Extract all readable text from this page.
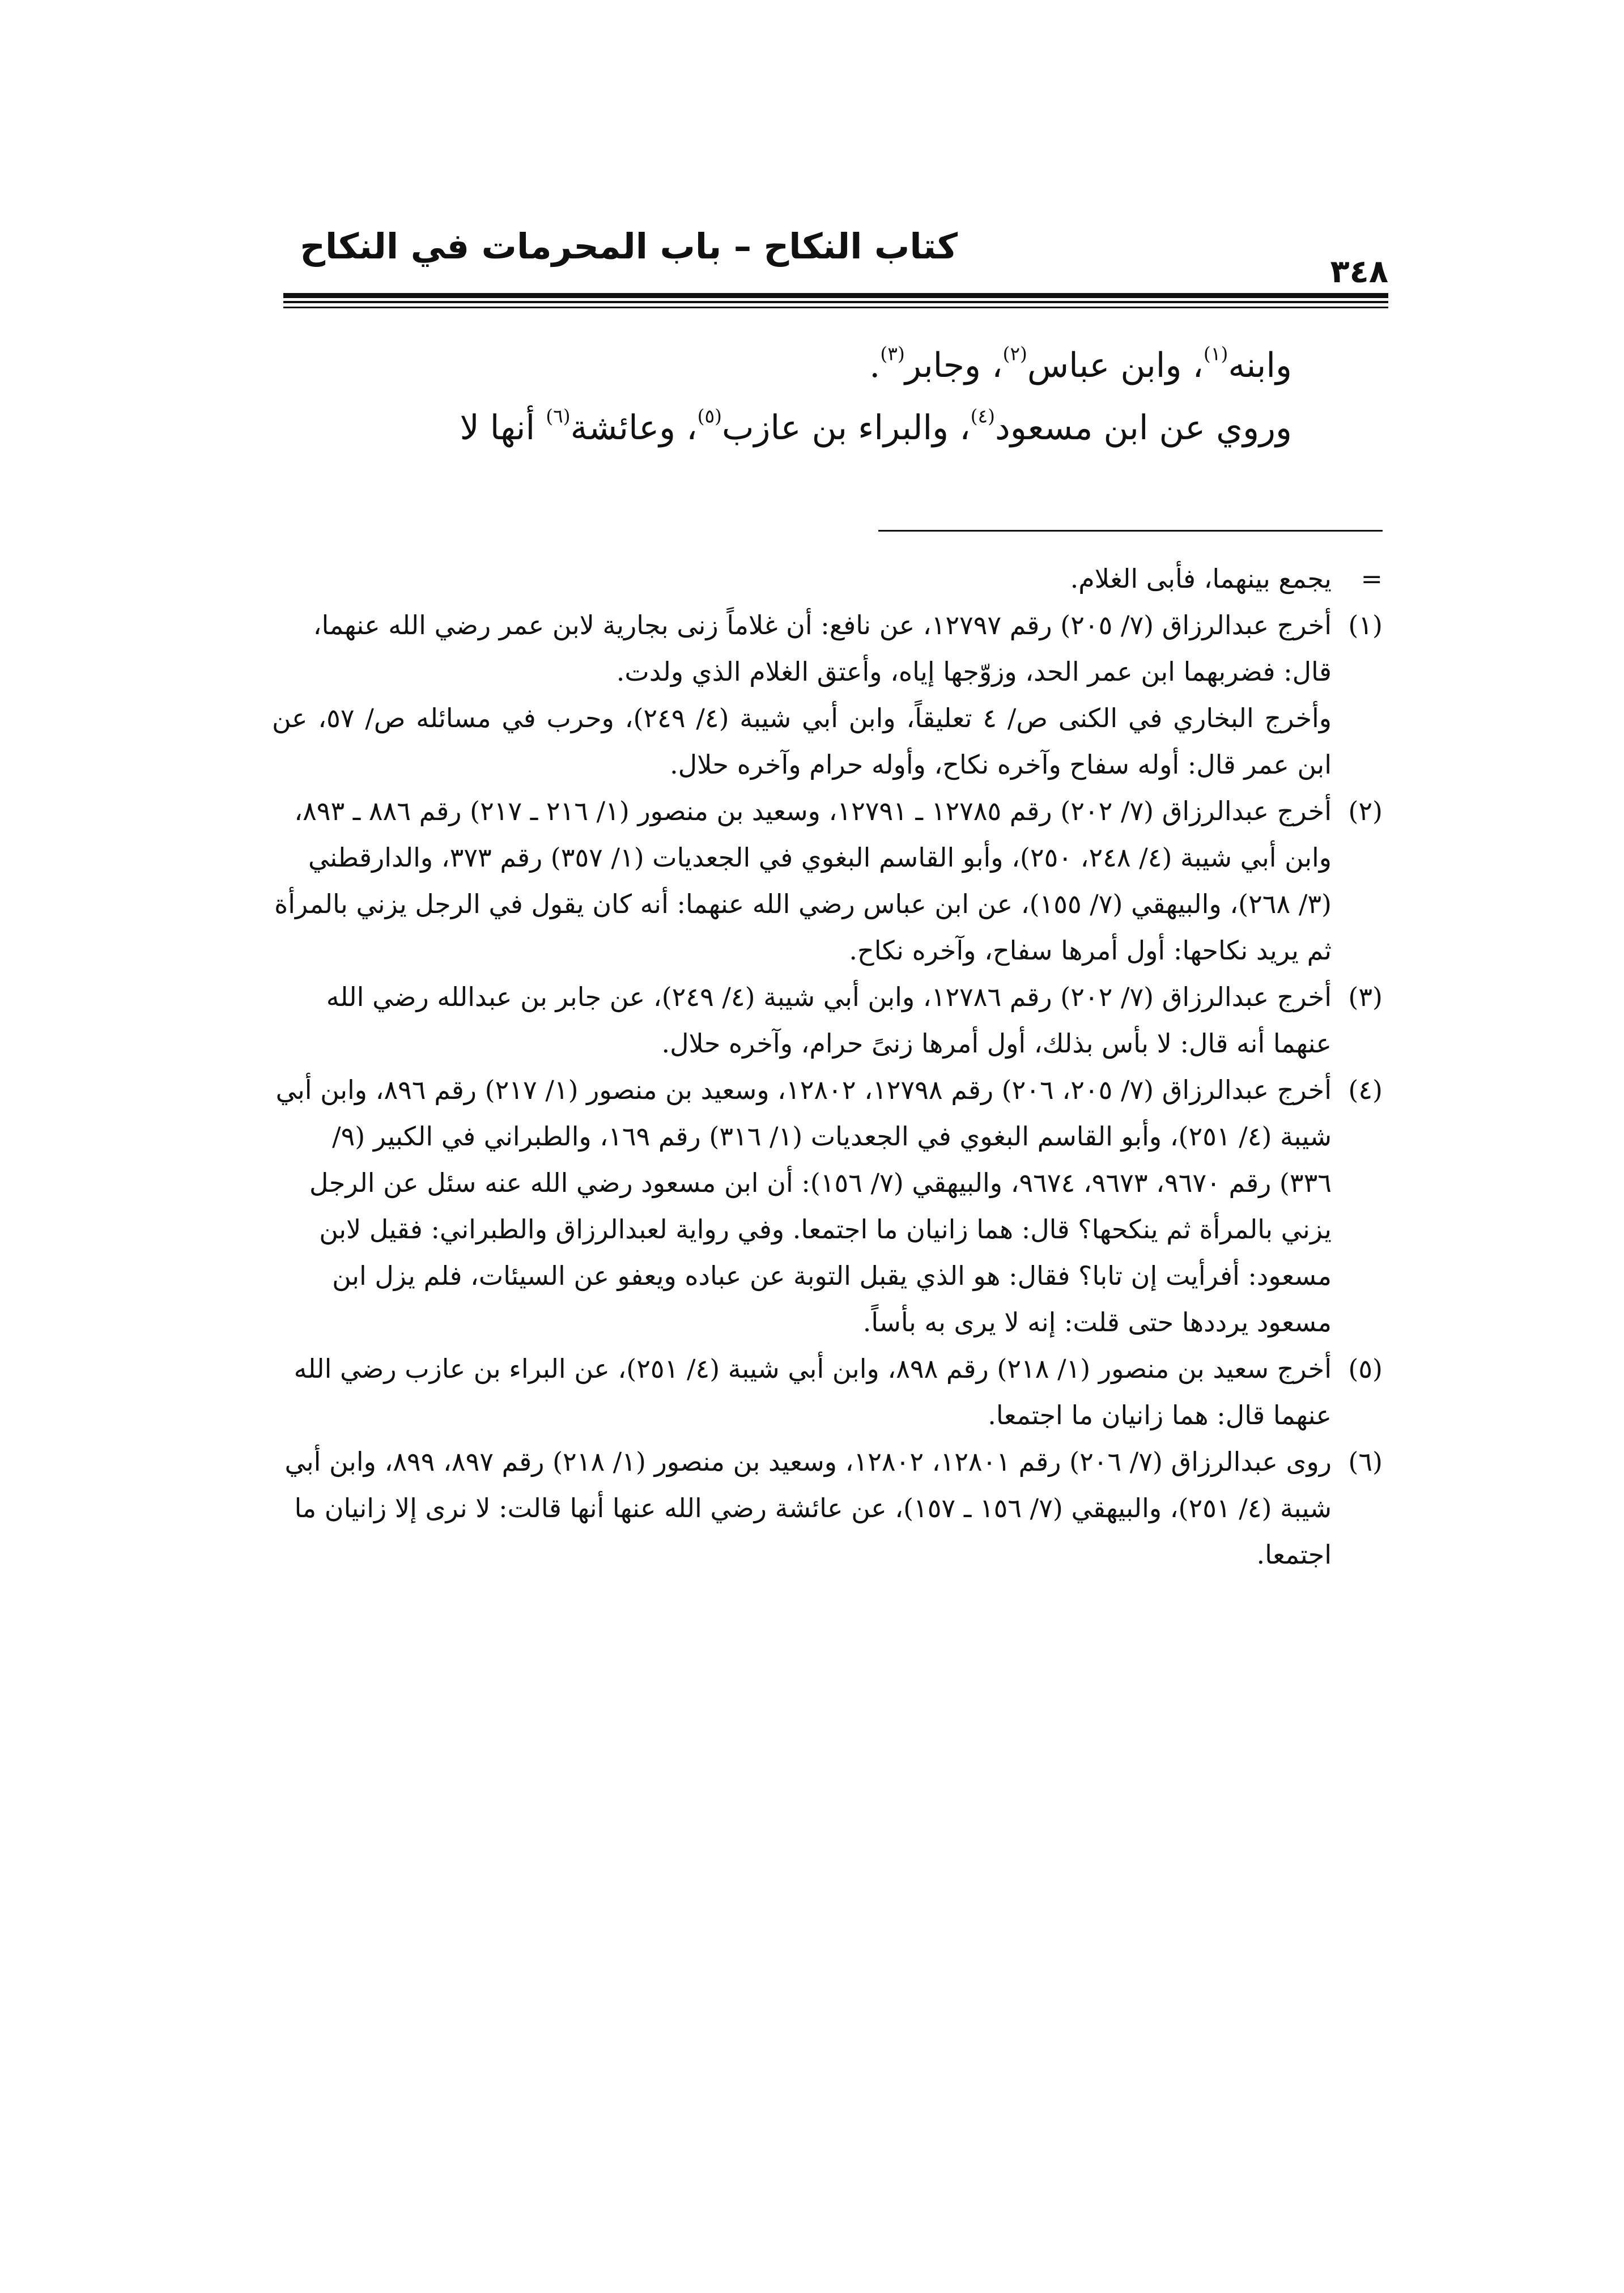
كتاب النكاح – باب المحرمات في النكاح
٣٤٨

وابنه$^{(١)}$، وابن عباس$^{(٢)}$، وجابر$^{(٣)}$.

وروي عن ابن مسعود$^{(٤)}$، والبراء بن عازب$^{(٥)}$، وعائشة$^{(٦)}$ أنها لا

=
يجمع بينهما، فأبى الغلام.
(١)
أخرج عبدالرزاق (٧/ ٢٠٥) رقم ١٢٧٩٧، عن نافع: أن غلاماً زنى بجارية لابن عمر رضي الله عنهما، قال: فضربهما ابن عمر الحد، وزوّجها إياه، وأعتق الغلام الذي ولدت.
وأخرج البخاري في الكنى ص/ ٤ تعليقاً، وابن أبي شيبة (٤/ ٢٤٩)، وحرب في مسائله ص/ ٥٧، عن ابن عمر قال: أوله سفاح وآخره نكاح، وأوله حرام وآخره حلال.
(٢)
أخرج عبدالرزاق (٧/ ٢٠٢) رقم ١٢٧٨٥ ـ ١٢٧٩١، وسعيد بن منصور (١/ ٢١٦ ـ ٢١٧) رقم ٨٨٦ ـ ٨٩٣، وابن أبي شيبة (٤/ ٢٤٨، ٢٥٠)، وأبو القاسم البغوي في الجعديات (١/ ٣٥٧) رقم ٣٧٣، والدارقطني (٣/ ٢٦٨)، والبيهقي (٧/ ١٥٥)، عن ابن عباس رضي الله عنهما: أنه كان يقول في الرجل يزني بالمرأة ثم يريد نكاحها: أول أمرها سفاح، وآخره نكاح.
(٣)
أخرج عبدالرزاق (٧/ ٢٠٢) رقم ١٢٧٨٦، وابن أبي شيبة (٤/ ٢٤٩)، عن جابر بن عبدالله رضي الله عنهما أنه قال: لا بأس بذلك، أول أمرها زنىً حرام، وآخره حلال.
(٤)
أخرج عبدالرزاق (٧/ ٢٠٥، ٢٠٦) رقم ١٢٧٩٨، ١٢٨٠٢، وسعيد بن منصور (١/ ٢١٧) رقم ٨٩٦، وابن أبي شيبة (٤/ ٢٥١)، وأبو القاسم البغوي في الجعديات (١/ ٣١٦) رقم ١٦٩، والطبراني في الكبير (٩/ ٣٣٦) رقم ٩٦٧٠، ٩٦٧٣، ٩٦٧٤، والبيهقي (٧/ ١٥٦): أن ابن مسعود رضي الله عنه سئل عن الرجل يزني بالمرأة ثم ينكحها؟ قال: هما زانيان ما اجتمعا. وفي رواية لعبدالرزاق والطبراني: فقيل لابن مسعود: أفرأيت إن تابا؟ فقال: هو الذي يقبل التوبة عن عباده ويعفو عن السيئات، فلم يزل ابن مسعود يرددها حتى قلت: إنه لا يرى به بأساً.
(٥)
أخرج سعيد بن منصور (١/ ٢١٨) رقم ٨٩٨، وابن أبي شيبة (٤/ ٢٥١)، عن البراء بن عازب رضي الله عنهما قال: هما زانيان ما اجتمعا.
(٦)
روى عبدالرزاق (٧/ ٢٠٦) رقم ١٢٨٠١، ١٢٨٠٢، وسعيد بن منصور (١/ ٢١٨) رقم ٨٩٧، ٨٩٩، وابن أبي شيبة (٤/ ٢٥١)، والبيهقي (٧/ ١٥٦ ـ ١٥٧)، عن عائشة رضي الله عنها أنها قالت: لا نرى إلا زانيان ما اجتمعا.
